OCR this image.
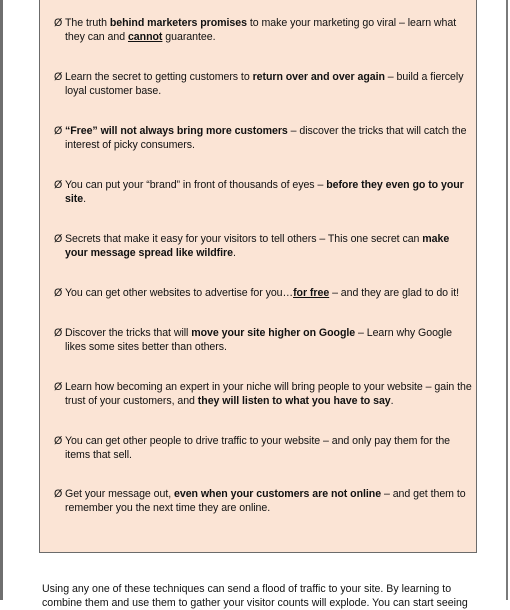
Ø The truth behind marketers promises to make your marketing go viral – learn what they can and cannot guarantee.
Ø Learn the secret to getting customers to return over and over again – build a fiercely loyal customer base.
Ø “Free” will not always bring more customers – discover the tricks that will catch the interest of picky consumers.
Ø You can put your “brand” in front of thousands of eyes – before they even go to your site.
Ø Secrets that make it easy for your visitors to tell others – This one secret can make your message spread like wildfire.
Ø You can get other websites to advertise for you…for free – and they are glad to do it!
Ø Discover the tricks that will move your site higher on Google – Learn why Google likes some sites better than others.
Ø Learn how becoming an expert in your niche will bring people to your website – gain the trust of your customers, and they will listen to what you have to say.
Ø You can get other people to drive traffic to your website – and only pay them for the items that sell.
Ø Get your message out, even when your customers are not online – and get them to remember you the next time they are online.

Using any one of these techniques can send a flood of traffic to your site. By learning to combine them and use them to gather your visitor counts will explode. You can start seeing
